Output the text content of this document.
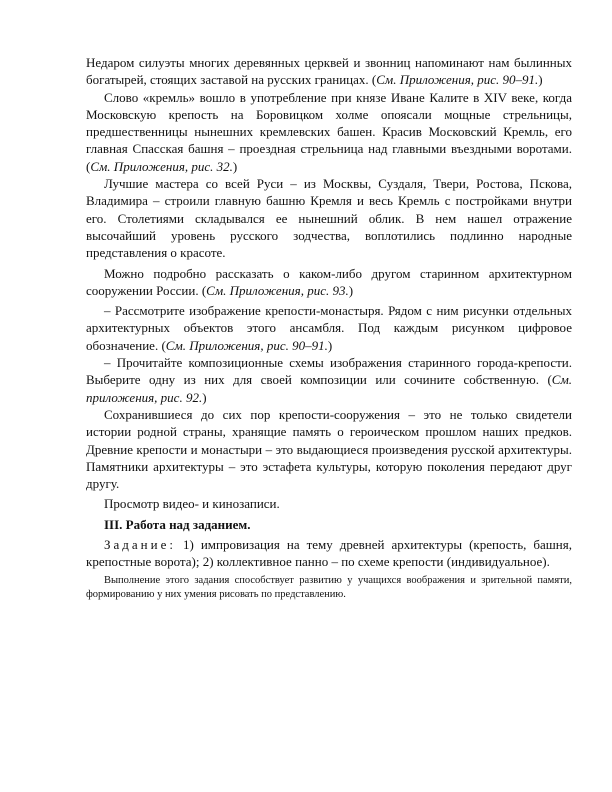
Недаром силуэты многих деревянных церквей и звонниц напоминают нам былинных богатырей, стоящих заставой на русских границах. (См. Приложения, рис. 90–91.)

Слово «кремль» вошло в употребление при князе Иване Калите в XIV веке, когда Московскую крепость на Боровицком холме опоясали мощные стрельницы, предшественницы нынешних кремлевских башен. Красив Московский Кремль, его главная Спасская башня – проездная стрельница над главными въездными воротами. (См. Приложения, рис. 32.)

Лучшие мастера со всей Руси – из Москвы, Суздаля, Твери, Ростова, Пскова, Владимира – строили главную башню Кремля и весь Кремль с постройками внутри его. Столетиями складывался ее нынешний облик. В нем нашел отражение высочайший уровень русского зодчества, воплотились подлинно народные представления о красоте.

Можно подробно рассказать о каком-либо другом старинном архитектурном сооружении России. (См. Приложения, рис. 93.)

– Рассмотрите изображение крепости-монастыря. Рядом с ним рисунки отдельных архитектурных объектов этого ансамбля. Под каждым рисунком цифровое обозначение. (См. Приложения, рис. 90–91.)

– Прочитайте композиционные схемы изображения старинного города-крепости. Выберите одну из них для своей композиции или сочините собственную. (См. приложения, рис. 92.)

Сохранившиеся до сих пор крепости-сооружения – это не только свидетели истории родной страны, хранящие память о героическом прошлом наших предков. Древние крепости и монастыри – это выдающиеся произведения русской архитектуры. Памятники архитектуры – это эстафета культуры, которую поколения передают друг другу.

Просмотр видео- и кинозаписи.

III. Работа над заданием.

Задание: 1) импровизация на тему древней архитектуры (крепость, башня, крепостные ворота); 2) коллективное панно – по схеме крепости (индивидуальное).

Выполнение этого задания способствует развитию у учащихся воображения и зрительной памяти, формированию у них умения рисовать по представлению.
